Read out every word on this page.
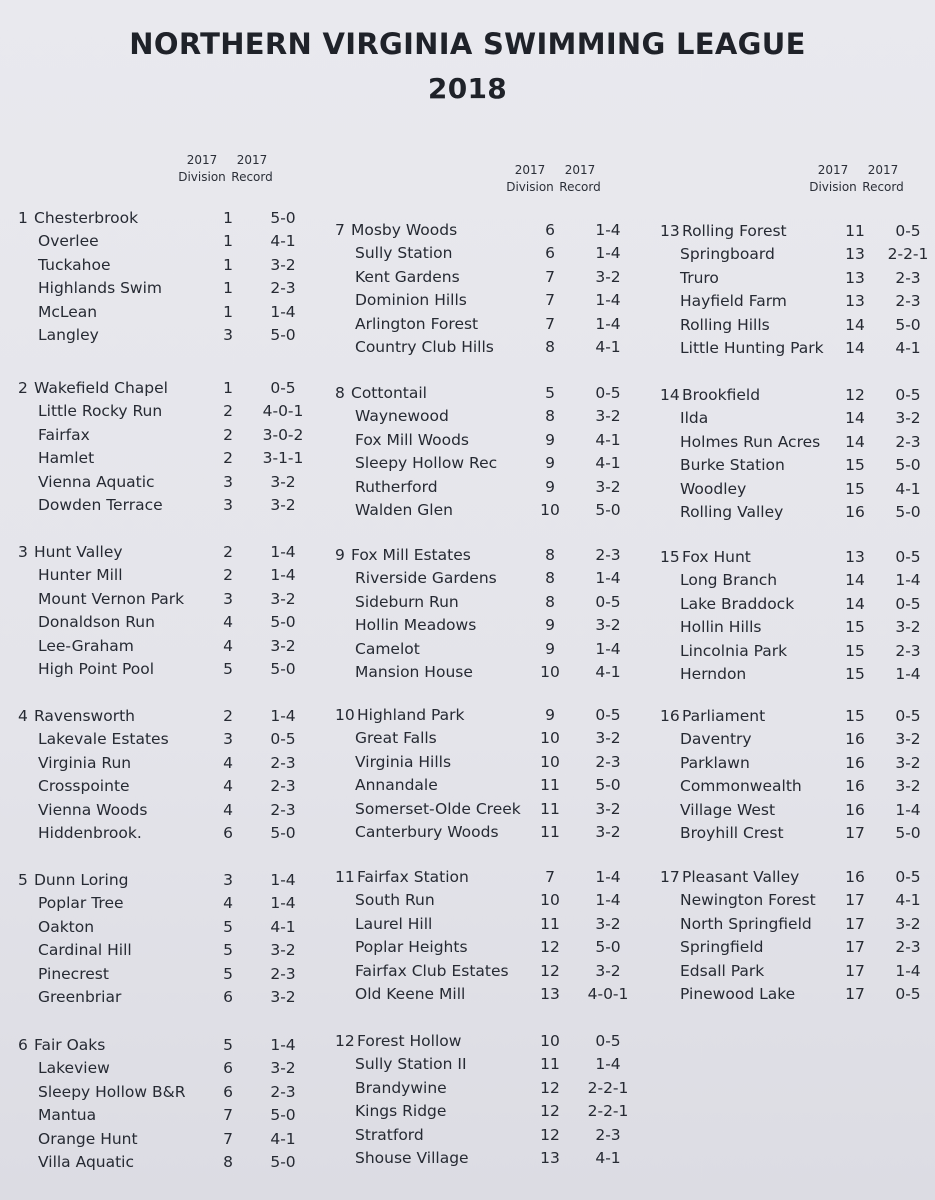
NORTHERN VIRGINIA SWIMMING LEAGUE
2018
2017
Division
2017
Record
1 Chesterbrook	1	5-0
Overlee	1	4-1
Tuckahoe	1	3-2
Highlands Swim	1	2-3
McLean	1	1-4
Langley	3	5-0
2 Wakefield Chapel	1	0-5
Little Rocky Run	2	4-0-1
Fairfax	2	3-0-2
Hamlet	2	3-1-1
Vienna Aquatic	3	3-2
Dowden Terrace	3	3-2
3 Hunt Valley	2	1-4
Hunter Mill	2	1-4
Mount Vernon Park	3	3-2
Donaldson Run	4	5-0
Lee-Graham	4	3-2
High Point Pool	5	5-0
4 Ravensworth	2	1-4
Lakevale Estates	3	0-5
Virginia Run	4	2-3
Crosspointe	4	2-3
Vienna Woods	4	2-3
Hiddenbrook.	6	5-0
5 Dunn Loring	3	1-4
Poplar Tree	4	1-4
Oakton	5	4-1
Cardinal Hill	5	3-2
Pinecrest	5	2-3
Greenbriar	6	3-2
6 Fair Oaks	5	1-4
Lakeview	6	3-2
Sleepy Hollow B&R	6	2-3
Mantua	7	5-0
Orange Hunt	7	4-1
Villa Aquatic	8	5-0
2017
Division
2017
Record
7 Mosby Woods	6	1-4
Sully Station	6	1-4
Kent Gardens	7	3-2
Dominion Hills	7	1-4
Arlington Forest	7	1-4
Country Club Hills	8	4-1
8 Cottontail	5	0-5
Waynewood	8	3-2
Fox Mill Woods	9	4-1
Sleepy Hollow Rec	9	4-1
Rutherford	9	3-2
Walden Glen	10	5-0
9 Fox Mill Estates	8	2-3
Riverside Gardens	8	1-4
Sideburn Run	8	0-5
Hollin Meadows	9	3-2
Camelot	9	1-4
Mansion House	10	4-1
10 Highland Park	9	0-5
Great Falls	10	3-2
Virginia Hills	10	2-3
Annandale	11	5-0
Somerset-Olde Creek	11	3-2
Canterbury Woods	11	3-2
11 Fairfax Station	7	1-4
South Run	10	1-4
Laurel Hill	11	3-2
Poplar Heights	12	5-0
Fairfax Club Estates	12	3-2
Old Keene Mill	13	4-0-1
12 Forest Hollow	10	0-5
Sully Station II	11	1-4
Brandywine	12	2-2-1
Kings Ridge	12	2-2-1
Stratford	12	2-3
Shouse Village	13	4-1
2017
Division
2017
Record
13 Rolling Forest	11	0-5
Springboard	13	2-2-1
Truro	13	2-3
Hayfield Farm	13	2-3
Rolling Hills	14	5-0
Little Hunting Park	14	4-1
14 Brookfield	12	0-5
Ilda	14	3-2
Holmes Run Acres	14	2-3
Burke Station	15	5-0
Woodley	15	4-1
Rolling Valley	16	5-0
15 Fox Hunt	13	0-5
Long Branch	14	1-4
Lake Braddock	14	0-5
Hollin Hills	15	3-2
Lincolnia Park	15	2-3
Herndon	15	1-4
16 Parliament	15	0-5
Daventry	16	3-2
Parklawn	16	3-2
Commonwealth	16	3-2
Village West	16	1-4
Broyhill Crest	17	5-0
17 Pleasant Valley	16	0-5
Newington Forest	17	4-1
North Springfield	17	3-2
Springfield	17	2-3
Edsall Park	17	1-4
Pinewood Lake	17	0-5
